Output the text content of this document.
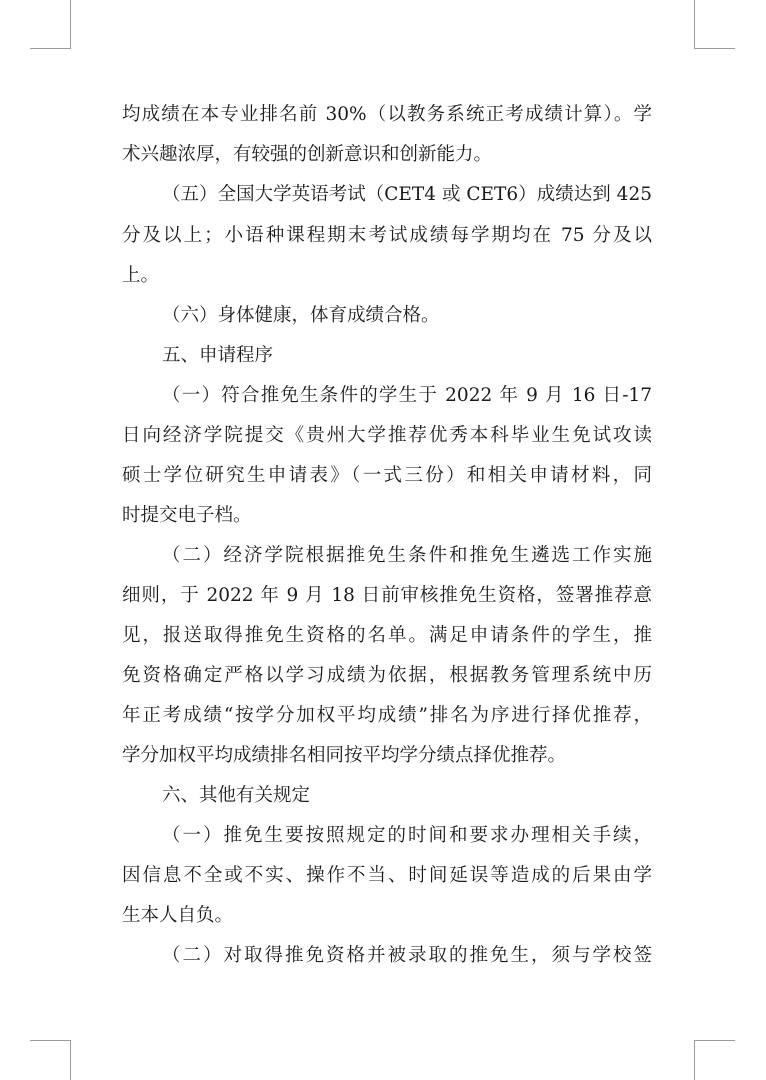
均成绩在本专业排名前 30%（以教务系统正考成绩计算）。学
术兴趣浓厚，有较强的创新意识和创新能力。
（五）全国大学英语考试（CET4 或 CET6）成绩达到 425
分及以上；小语种课程期末考试成绩每学期均在 75 分及以
上。
（六）身体健康，体育成绩合格。
五、申请程序
（一）符合推免生条件的学生于 2022 年 9 月 16 日-17
日向经济学院提交《贵州大学推荐优秀本科毕业生免试攻读
硕士学位研究生申请表》（一式三份）和相关申请材料，同
时提交电子档。
（二）经济学院根据推免生条件和推免生遴选工作实施
细则，于 2022 年 9 月 18 日前审核推免生资格，签署推荐意
见，报送取得推免生资格的名单。满足申请条件的学生，推
免资格确定严格以学习成绩为依据，根据教务管理系统中历
年正考成绩“按学分加权平均成绩”排名为序进行择优推荐，
学分加权平均成绩排名相同按平均学分绩点择优推荐。
六、其他有关规定
（一）推免生要按照规定的时间和要求办理相关手续，
因信息不全或不实、操作不当、时间延误等造成的后果由学
生本人自负。
（二）对取得推免资格并被录取的推免生，须与学校签
